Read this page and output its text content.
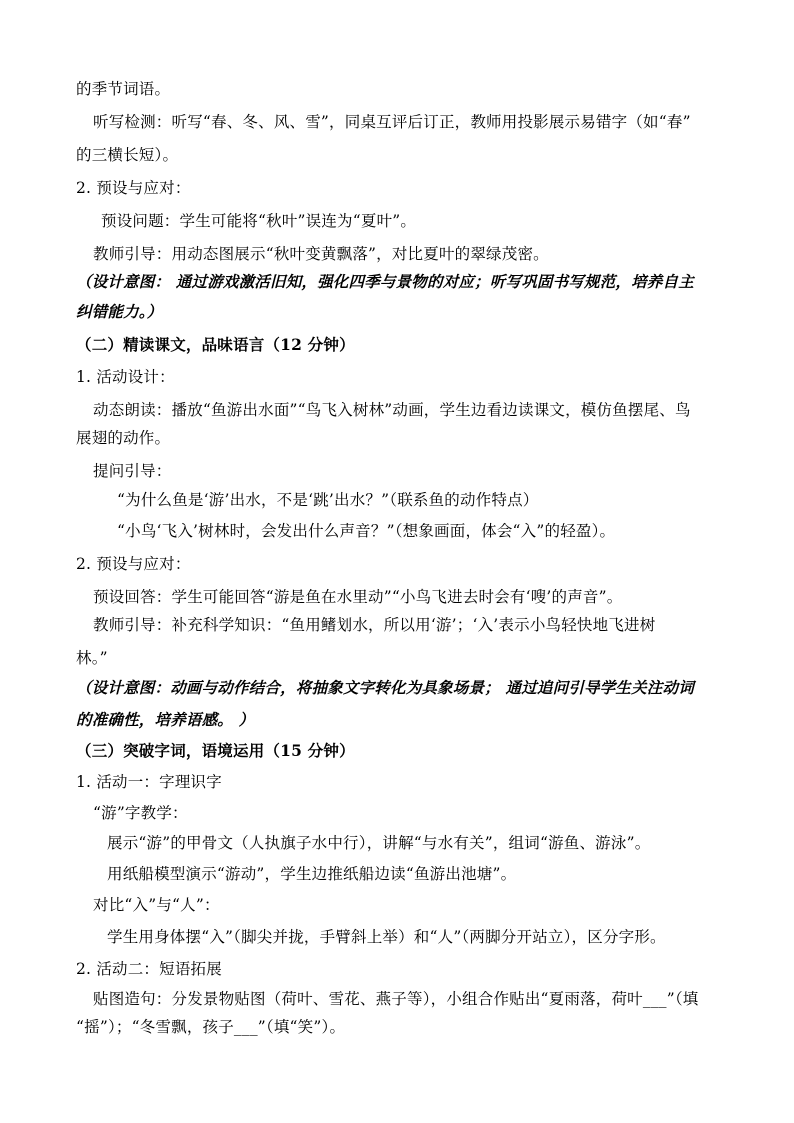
的季节词语。
听写检测：听写“春、冬、风、雪”，同桌互评后订正，教师用投影展示易错字（如“春”
的三横长短）。
2. 预设与应对：
预设问题：学生可能将“秋叶”误连为“夏叶”。
教师引导：用动态图展示“秋叶变黄飘落”，对比夏叶的翠绿茂密。
（设计意图： 通过游戏激活旧知，强化四季与景物的对应；听写巩固书写规范，培养自主
纠错能力。）
（二）精读课文，品味语言（12 分钟）
1. 活动设计：
动态朗读：播放“鱼游出水面”“鸟飞入树林”动画，学生边看边读课文，模仿鱼摆尾、鸟
展翅的动作。
提问引导：
“为什么鱼是‘游’出水，不是‘跳’出水？”（联系鱼的动作特点）
“小鸟‘飞入’树林时，会发出什么声音？”（想象画面，体会“入”的轻盈）。
2. 预设与应对：
预设回答：学生可能回答“游是鱼在水里动”“小鸟飞进去时会有‘嗖’的声音”。
教师引导：补充科学知识：“鱼用鳍划水，所以用‘游’；‘入’表示小鸟轻快地飞进树
林。”
（设计意图：动画与动作结合，将抽象文字转化为具象场景； 通过追问引导学生关注动词
的准确性，培养语感。 ）
（三）突破字词，语境运用（15 分钟）
1. 活动一：字理识字
“游”字教学：
展示“游”的甲骨文（人执旗子水中行），讲解“与水有关”，组词“游鱼、游泳”。
用纸船模型演示“游动”，学生边推纸船边读“鱼游出池塘”。
对比“入”与“人”：
学生用身体摆“入”（脚尖并拢，手臂斜上举）和“人”（两脚分开站立），区分字形。
2. 活动二：短语拓展
贴图造句：分发景物贴图（荷叶、雪花、燕子等），小组合作贴出“夏雨落，荷叶___”（填
“摇”）；“冬雪飘，孩子___”（填“笑”）。
